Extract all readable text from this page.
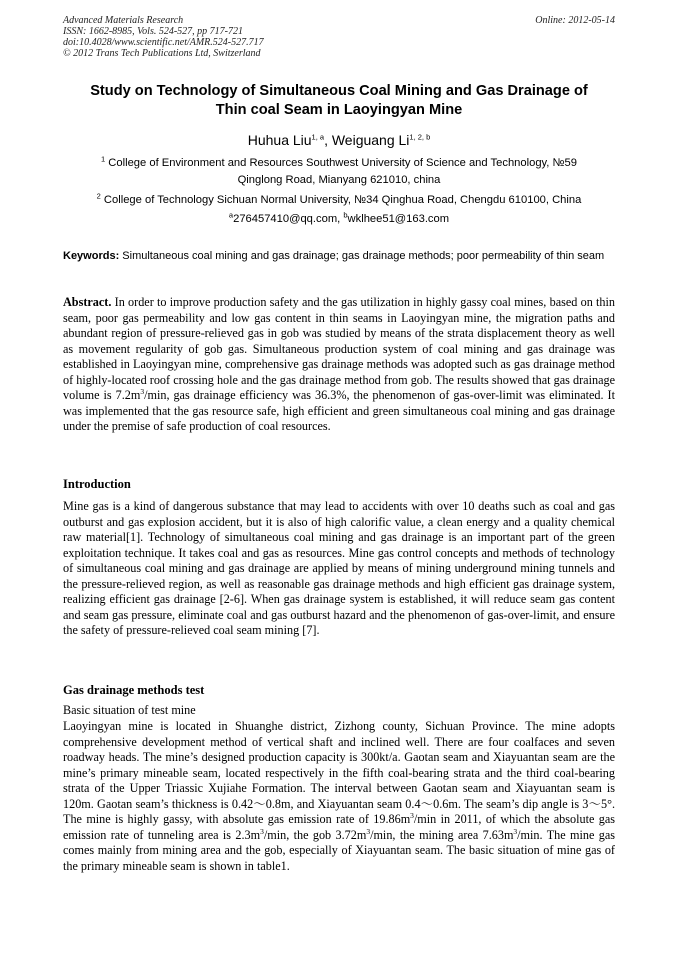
Advanced Materials Research
ISSN: 1662-8985, Vols. 524-527, pp 717-721
doi:10.4028/www.scientific.net/AMR.524-527.717
© 2012 Trans Tech Publications Ltd, Switzerland
Online: 2012-05-14
Study on Technology of Simultaneous Coal Mining and Gas Drainage of
Thin coal Seam in Laoyingyan Mine
Huhua Liu$^{1, a}$, Weiguang Li$^{1, 2, b}$
$^1$ College of Environment and Resources Southwest University of Science and Technology, №59
Qinglong Road, Mianyang 621010, china
$^2$ College of Technology Sichuan Normal University, №34 Qinghua Road, Chengdu 610100, China
$^a$276457410@qq.com, $^b$wklhee51@163.com
Keywords: Simultaneous coal mining and gas drainage; gas drainage methods; poor permeability of thin seam
Abstract. In order to improve production safety and the gas utilization in highly gassy coal mines, based on thin seam, poor gas permeability and low gas content in thin seams in Laoyingyan mine, the migration paths and abundant region of pressure-relieved gas in gob was studied by means of the strata displacement theory as well as movement regularity of gob gas. Simultaneous production system of coal mining and gas drainage was established in Laoyingyan mine, comprehensive gas drainage methods was adopted such as gas drainage method of highly-located roof crossing hole and the gas drainage method from gob. The results showed that gas drainage volume is $7.2m^3/\min$, gas drainage efficiency was 36.3%, the phenomenon of gas-over-limit was eliminated. It was implemented that the gas resource safe, high efficient and green simultaneous coal mining and gas drainage under the premise of safe production of coal resources.
Introduction
Mine gas is a kind of dangerous substance that may lead to accidents with over 10 deaths such as coal and gas outburst and gas explosion accident, but it is also of high calorific value, a clean energy and a quality chemical raw material[1]. Technology of simultaneous coal mining and gas drainage is an important part of the green exploitation technique. It takes coal and gas as resources. Mine gas control concepts and methods of technology of simultaneous coal mining and gas drainage are applied by means of mining underground mining tunnels and the pressure-relieved region, as well as reasonable gas drainage methods and high efficient gas drainage system, realizing efficient gas drainage [2-6]. When gas drainage system is established, it will reduce seam gas content and seam gas pressure, eliminate coal and gas outburst hazard and the phenomenon of gas-over-limit, and ensure the safety of pressure-relieved coal seam mining [7].
Gas drainage methods test
Basic situation of test mine
Laoyingyan mine is located in Shuanghe district, Zizhong county, Sichuan Province. The mine adopts comprehensive development method of vertical shaft and inclined well. There are four coalfaces and seven roadway heads. The mine’s designed production capacity is 300kt/a. Gaotan seam and Xiayuantan seam are the mine’s primary mineable seam, located respectively in the fifth coal-bearing strata and the third coal-bearing strata of the Upper Triassic Xujiahe Formation. The interval between Gaotan seam and Xiayuantan seam is 120m. Gaotan seam’s thickness is 0.42～0.8m, and Xiayuantan seam 0.4～0.6m. The seam’s dip angle is 3～5°. The mine is highly gassy, with absolute gas emission rate of $19.86m^3/\min$ in 2011, of which the absolute gas emission rate of tunneling area is $2.3m^3/\min$, the gob $3.72m^3/\min$, the mining area $7.63m^3/\min$. The mine gas comes mainly from mining area and the gob, especially of Xiayuantan seam. The basic situation of mine gas of the primary mineable seam is shown in table1.
